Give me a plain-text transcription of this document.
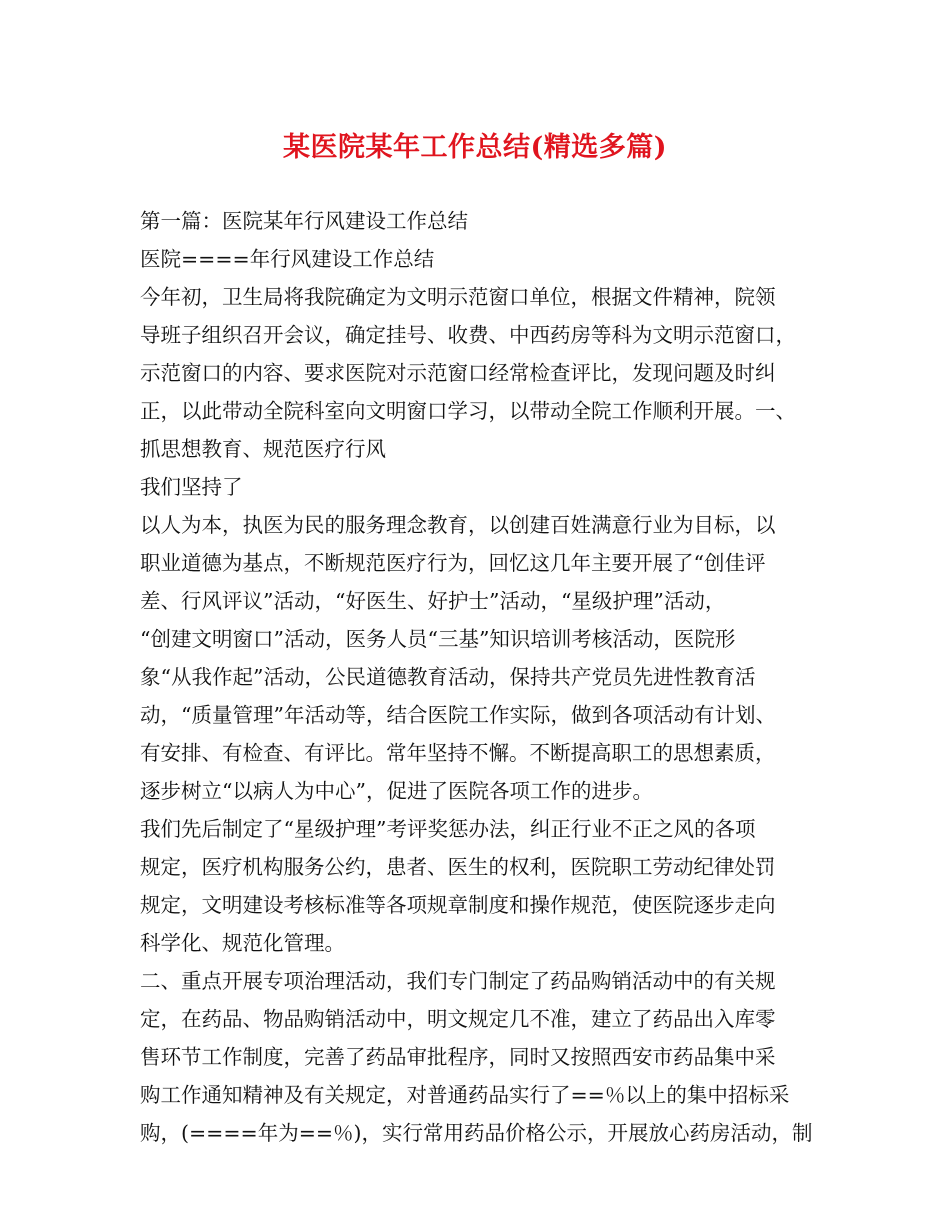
某医院某年工作总结(精选多篇)
第一篇：医院某年行风建设工作总结
医院====年行风建设工作总结
今年初，卫生局将我院确定为文明示范窗口单位，根据文件精神，院领
导班子组织召开会议，确定挂号、收费、中西药房等科为文明示范窗口，
示范窗口的内容、要求医院对示范窗口经常检查评比，发现问题及时纠
正，以此带动全院科室向文明窗口学习，以带动全院工作顺利开展。一、
抓思想教育、规范医疗行风
我们坚持了
以人为本，执医为民的服务理念教育，以创建百姓满意行业为目标，以
职业道德为基点，不断规范医疗行为，回忆这几年主要开展了“创佳评
差、行风评议”活动，“好医生、好护士”活动，“星级护理”活动，
“创建文明窗口”活动，医务人员“三基”知识培训考核活动，医院形
象“从我作起”活动，公民道德教育活动，保持共产党员先进性教育活
动，“质量管理”年活动等，结合医院工作实际，做到各项活动有计划、
有安排、有检查、有评比。常年坚持不懈。不断提高职工的思想素质，
逐步树立“以病人为中心”，促进了医院各项工作的进步。
我们先后制定了“星级护理”考评奖惩办法，纠正行业不正之风的各项
规定，医疗机构服务公约，患者、医生的权利，医院职工劳动纪律处罚
规定，文明建设考核标准等各项规章制度和操作规范，使医院逐步走向
科学化、规范化管理。
二、重点开展专项治理活动，我们专门制定了药品购销活动中的有关规
定，在药品、物品购销活动中，明文规定几不准，建立了药品出入库零
售环节工作制度，完善了药品审批程序，同时又按照西安市药品集中采
购工作通知精神及有关规定，对普通药品实行了==％以上的集中招标采
购，(====年为==％)，实行常用药品价格公示，开展放心药房活动，制
